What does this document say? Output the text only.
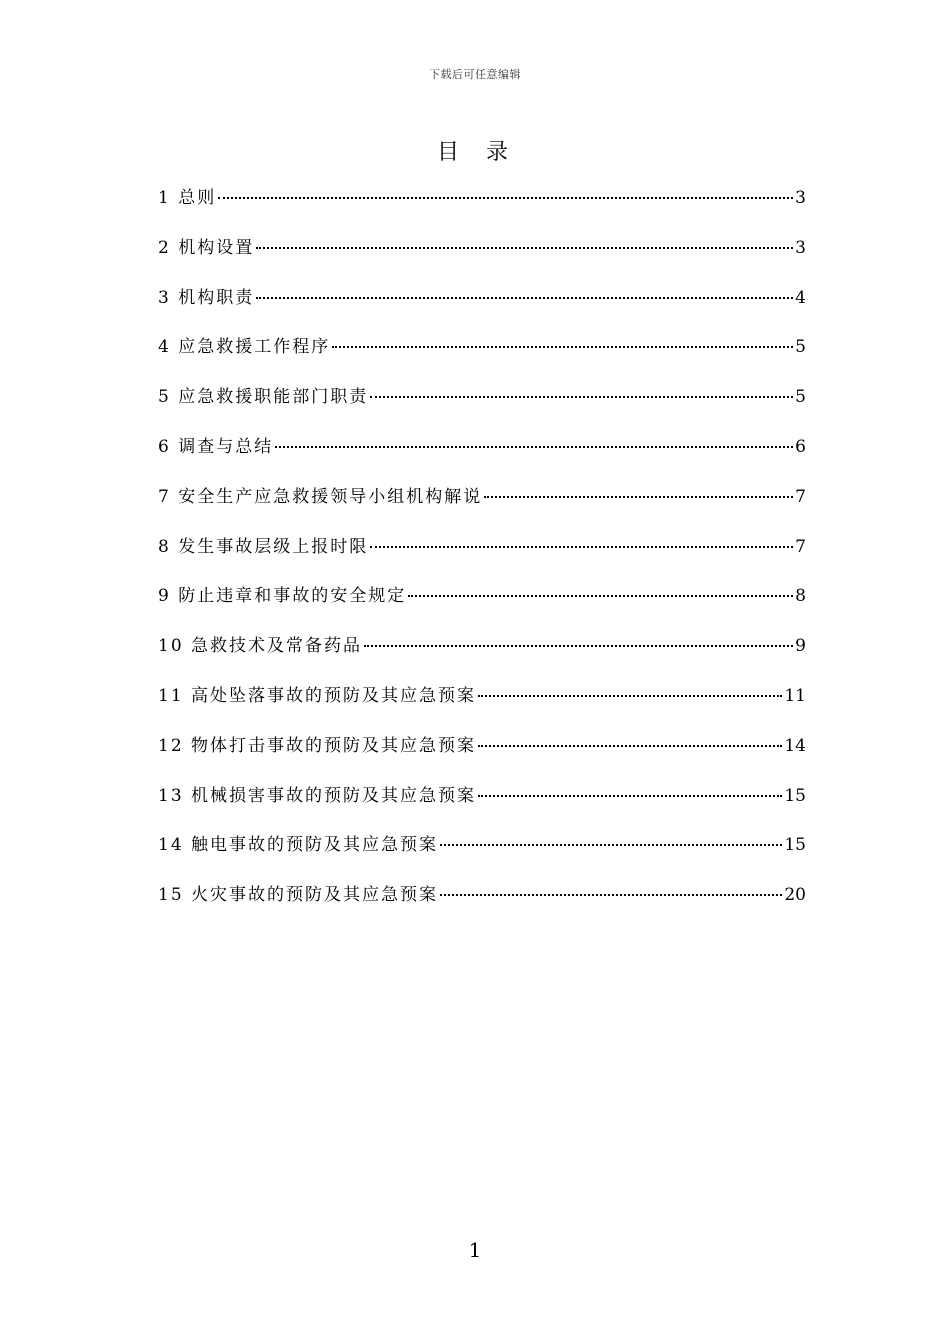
下载后可任意编辑
目 录
1 总则	3
2 机构设置	3
3 机构职责	4
4 应急救援工作程序	5
5 应急救援职能部门职责	5
6 调查与总结	6
7 安全生产应急救援领导小组机构解说	7
8 发生事故层级上报时限	7
9 防止违章和事故的安全规定	8
10 急救技术及常备药品	9
11 高处坠落事故的预防及其应急预案	11
12 物体打击事故的预防及其应急预案	14
13 机械损害事故的预防及其应急预案	15
14 触电事故的预防及其应急预案	15
15 火灾事故的预防及其应急预案	20
1
